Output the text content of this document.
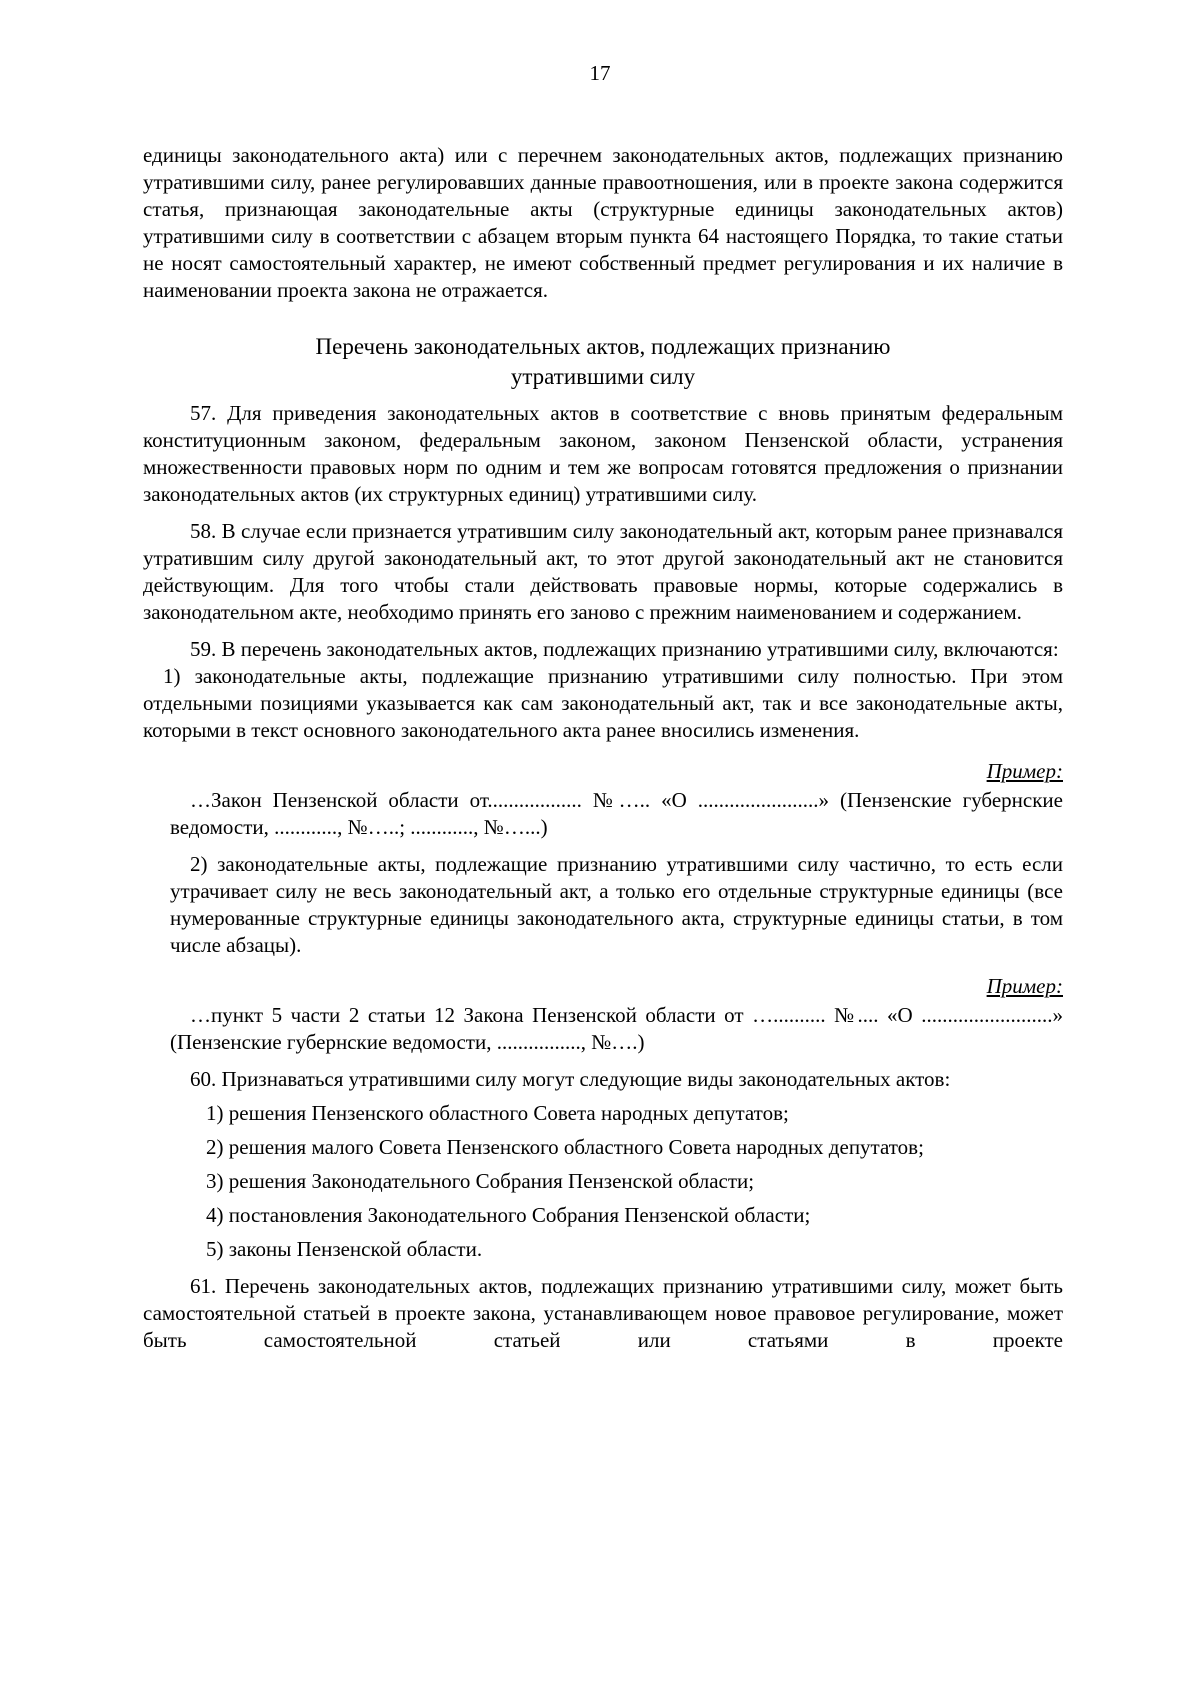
17

единицы законодательного акта) или с перечнем законодательных актов, подлежащих признанию утратившими силу, ранее регулировавших данные правоотношения, или в проекте закона содержится статья, признающая законодательные акты (структурные единицы законодательных актов) утратившими силу в соответствии с абзацем вторым пункта 64 настоящего Порядка, то такие статьи не носят самостоятельный характер, не имеют собственный предмет регулирования и их наличие в наименовании проекта закона не отражается.

Перечень законодательных актов, подлежащих признанию
утратившими силу

57. Для приведения законодательных актов в соответствие с вновь принятым федеральным конституционным законом, федеральным законом, законом Пензенской области, устранения множественности правовых норм по одним и тем же вопросам готовятся предложения о признании законодательных актов (их структурных единиц) утратившими силу.

58. В случае если признается утратившим силу законодательный акт, которым ранее признавался утратившим силу другой законодательный акт, то этот другой законодательный акт не становится действующим. Для того чтобы стали действовать правовые нормы, которые содержались в законодательном акте, необходимо принять его заново с прежним наименованием и содержанием.

59. В перечень законодательных актов, подлежащих признанию утратившими силу, включаются:

1) законодательные акты, подлежащие признанию утратившими силу полностью. При этом отдельными позициями указывается как сам законодательный акт, так и все законодательные акты, которыми в текст основного законодательного акта ранее вносились изменения.

Пример:

…Закон Пензенской области от.................. №….. «О .......................» (Пензенские губернские ведомости, ............, №…..; ............, №…...)

2) законодательные акты, подлежащие признанию утратившими силу частично, то есть если утрачивает силу не весь законодательный акт, а только его отдельные структурные единицы (все нумерованные структурные единицы законодательного акта, структурные единицы статьи, в том числе абзацы).

Пример:

…пункт 5 части 2 статьи 12 Закона Пензенской области от ….......... №.... «О .........................» (Пензенские губернские ведомости, ................, №….)

60. Признаваться утратившими силу могут следующие виды законодательных актов:

1) решения Пензенского областного Совета народных депутатов;
2) решения малого Совета Пензенского областного Совета народных депутатов;
3) решения Законодательного Собрания Пензенской области;
4) постановления Законодательного Собрания Пензенской области;
5) законы Пензенской области.

61. Перечень законодательных актов, подлежащих признанию утратившими силу, может быть самостоятельной статьей в проекте закона, устанавливающем новое правовое регулирование, может быть самостоятельной статьей или статьями в проекте
